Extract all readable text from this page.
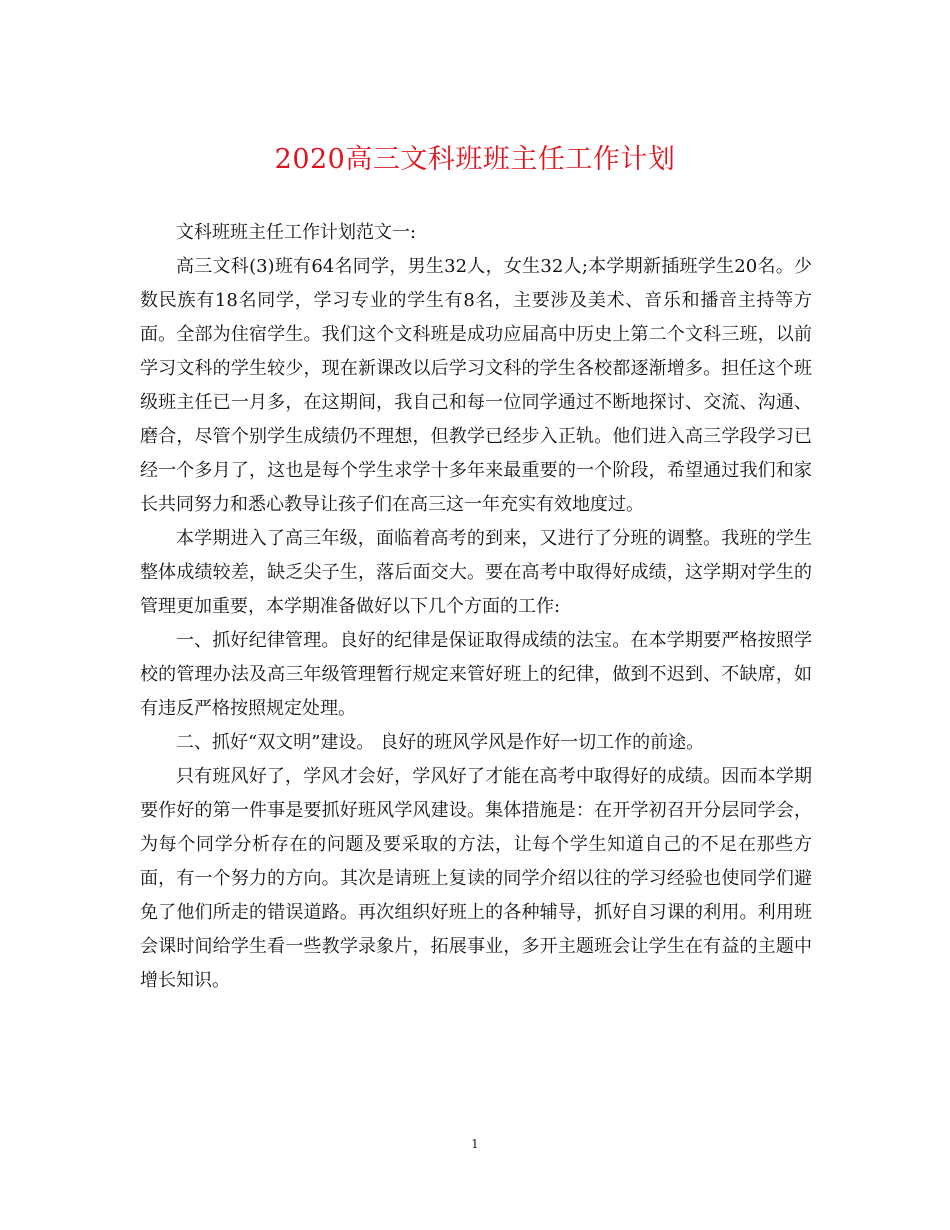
2020高三文科班班主任工作计划

文科班班主任工作计划范文一:

高三文科(3)班有64名同学，男生32人，女生32人;本学期新插班学生20名。少数民族有18名同学，学习专业的学生有8名，主要涉及美术、音乐和播音主持等方面。全部为住宿学生。我们这个文科班是成功应届高中历史上第二个文科三班，以前学习文科的学生较少，现在新课改以后学习文科的学生各校都逐渐增多。担任这个班级班主任已一月多，在这期间，我自己和每一位同学通过不断地探讨、交流、沟通、磨合，尽管个别学生成绩仍不理想，但教学已经步入正轨。他们进入高三学段学习已经一个多月了，这也是每个学生求学十多年来最重要的一个阶段，希望通过我们和家长共同努力和悉心教导让孩子们在高三这一年充实有效地度过。

本学期进入了高三年级，面临着高考的到来，又进行了分班的调整。我班的学生整体成绩较差，缺乏尖子生，落后面交大。要在高考中取得好成绩，这学期对学生的管理更加重要，本学期准备做好以下几个方面的工作:

一、抓好纪律管理。良好的纪律是保证取得成绩的法宝。在本学期要严格按照学校的管理办法及高三年级管理暂行规定来管好班上的纪律，做到不迟到、不缺席，如有违反严格按照规定处理。

二、抓好“双文明”建设。 良好的班风学风是作好一切工作的前途。

只有班风好了，学风才会好，学风好了才能在高考中取得好的成绩。因而本学期要作好的第一件事是要抓好班风学风建设。集体措施是：在开学初召开分层同学会，为每个同学分析存在的问题及要采取的方法，让每个学生知道自己的不足在那些方面，有一个努力的方向。其次是请班上复读的同学介绍以往的学习经验也使同学们避免了他们所走的错误道路。再次组织好班上的各种辅导，抓好自习课的利用。利用班会课时间给学生看一些教学录象片，拓展事业，多开主题班会让学生在有益的主题中增长知识。

1
